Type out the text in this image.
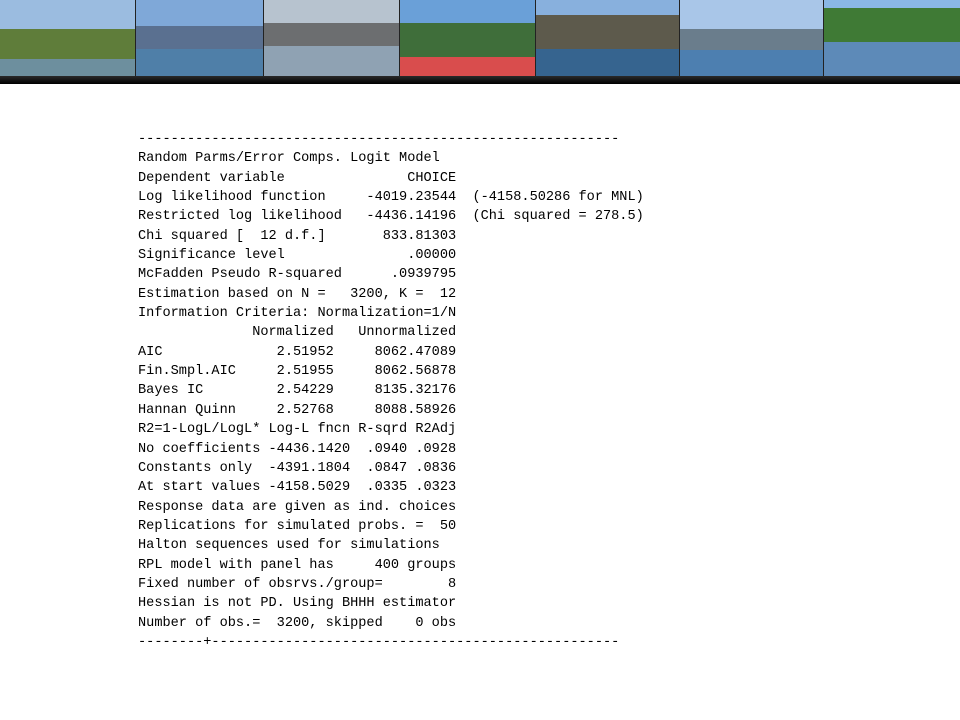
-----------------------------------------------------------
Random Parms/Error Comps. Logit Model
Dependent variable               CHOICE
Log likelihood function     -4019.23544  (-4158.50286 for MNL)
Restricted log likelihood   -4436.14196  (Chi squared = 278.5)
Chi squared [  12 d.f.]       833.81303
Significance level               .00000
McFadden Pseudo R-squared      .0939795
Estimation based on N =   3200, K =  12
Information Criteria: Normalization=1/N
Normalized   Unnormalized
AIC              2.51952     8062.47089
Fin.Smpl.AIC     2.51955     8062.56878
Bayes IC         2.54229     8135.32176
Hannan Quinn     2.52768     8088.58926
R2=1-LogL/LogL* Log-L fncn R-sqrd R2Adj
No coefficients -4436.1420  .0940 .0928
Constants only  -4391.1804  .0847 .0836
At start values -4158.5029  .0335 .0323
Response data are given as ind. choices
Replications for simulated probs. =  50
Halton sequences used for simulations
RPL model with panel has     400 groups
Fixed number of obsrvs./group=        8
Hessian is not PD. Using BHHH estimator
Number of obs.=  3200, skipped    0 obs
--------+--------------------------------------------------
